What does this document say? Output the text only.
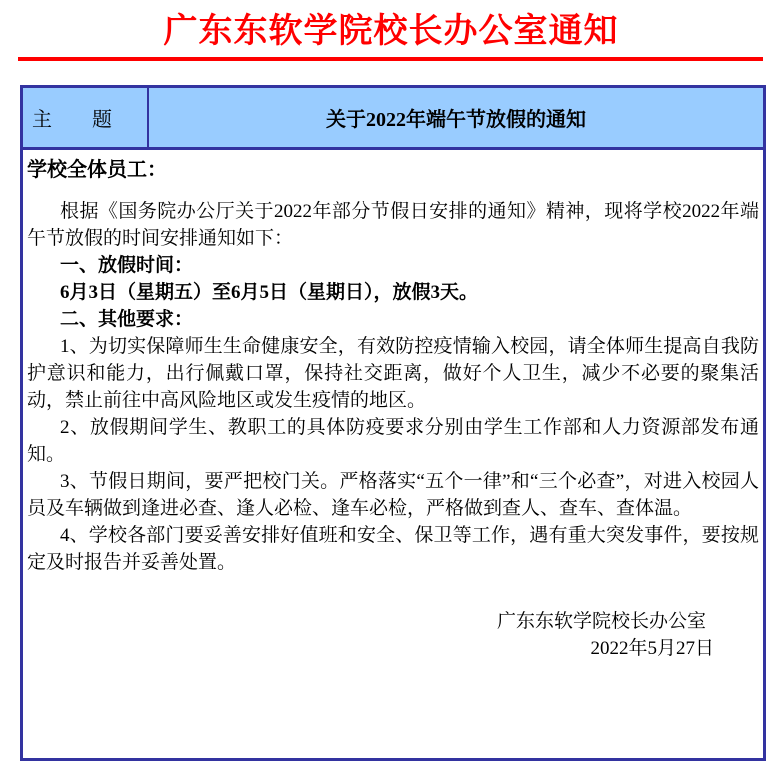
广东东软学院校长办公室通知
主　　题	关于2022年端午节放假的通知

学校全体员工：

根据《国务院办公厅关于2022年部分节假日安排的通知》精神，现将学校2022年端午节放假的时间安排通知如下：

一、放假时间：

6月3日（星期五）至6月5日（星期日），放假3天。

二、其他要求：

1、为切实保障师生生命健康安全，有效防控疫情输入校园，请全体师生提高自我防护意识和能力，出行佩戴口罩，保持社交距离，做好个人卫生，减少不必要的聚集活动，禁止前往中高风险地区或发生疫情的地区。

2、放假期间学生、教职工的具体防疫要求分别由学生工作部和人力资源部发布通知。

3、节假日期间，要严把校门关。严格落实“五个一律”和“三个必查”，对进入校园人员及车辆做到逢进必查、逢人必检、逢车必检，严格做到查人、查车、查体温。

4、学校各部门要妥善安排好值班和安全、保卫等工作，遇有重大突发事件，要按规定及时报告并妥善处置。

广东东软学院校长办公室

2022年5月27日
